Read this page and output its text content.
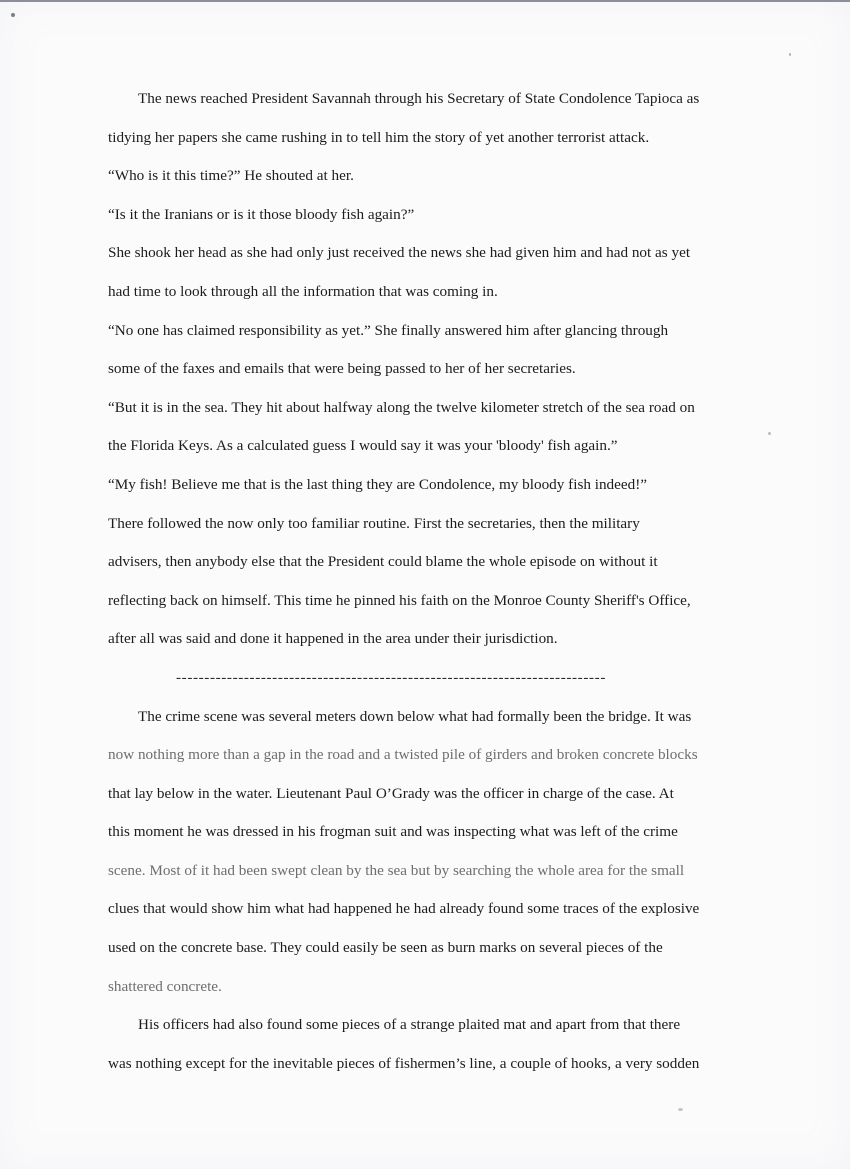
The news reached President Savannah through his Secretary of State Condolence Tapioca as
tidying her papers she came rushing in to tell him the story of yet another terrorist attack.
“Who is it this time?” He shouted at her.
“Is it the Iranians or is it those bloody fish again?”
She shook her head as she had only just received the news she had given him and had not as yet
had time to look through all the information that was coming in.
“No one has claimed responsibility as yet.” She finally answered him after glancing through
some of the faxes and emails that were being passed to her of her secretaries.
“But it is in the sea. They hit about halfway along the twelve kilometer stretch of the sea road on
the Florida Keys. As a calculated guess I would say it was your 'bloody' fish again.”
“My fish! Believe me that is the last thing they are Condolence, my bloody fish indeed!”
There followed the now only too familiar routine. First the secretaries, then the military
advisers, then anybody else that the President could blame the whole episode on without it
reflecting back on himself. This time he pinned his faith on the Monroe County Sheriff's Office,
after all was said and done it happened in the area under their jurisdiction.
----------------------------------------------------------------------------
The crime scene was several meters down below what had formally been the bridge. It was
now nothing more than a gap in the road and a twisted pile of girders and broken concrete blocks
that lay below in the water. Lieutenant Paul O’Grady was the officer in charge of the case. At
this moment he was dressed in his frogman suit and was inspecting what was left of the crime
scene. Most of it had been swept clean by the sea but by searching the whole area for the small
clues that would show him what had happened he had already found some traces of the explosive
used on the concrete base. They could easily be seen as burn marks on several pieces of the
shattered concrete.
His officers had also found some pieces of a strange plaited mat and apart from that there
was nothing except for the inevitable pieces of fishermen’s line, a couple of hooks, a very sodden
